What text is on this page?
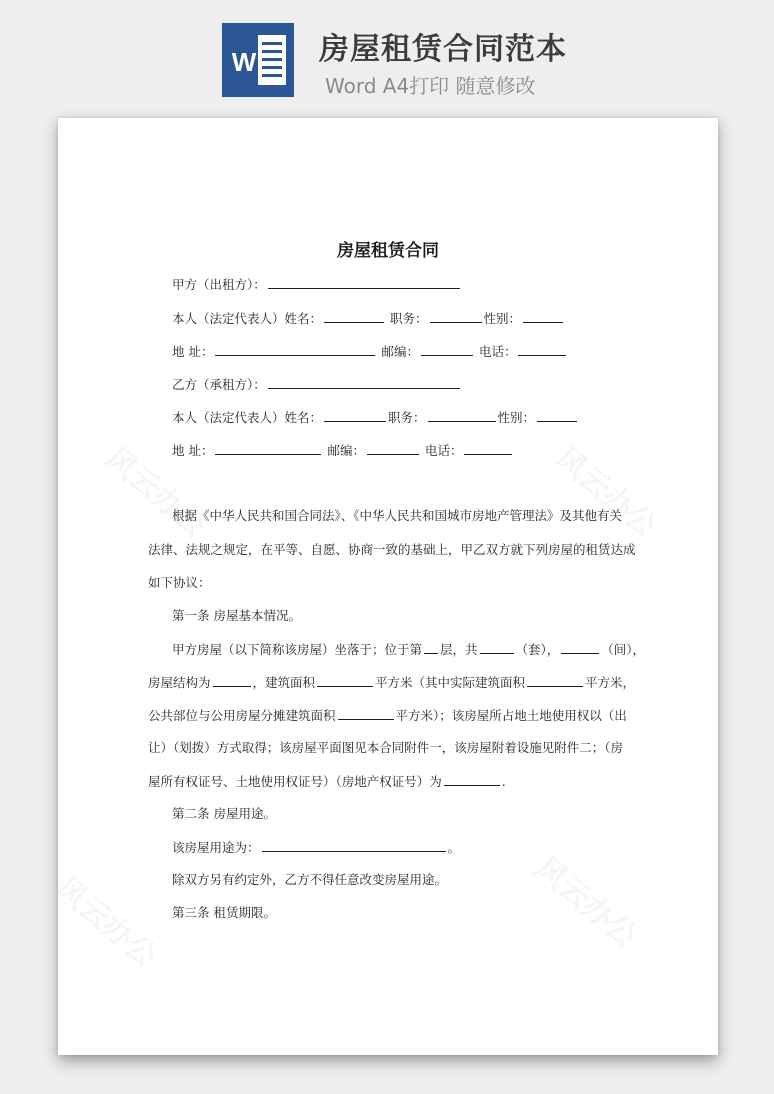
W 房屋租赁合同范本
Word A4打印 随意修改
房屋租赁合同
甲方（出租方）：
本人（法定代表人）姓名：	职务：	性别：
地 址：	邮编：	电话：
乙方（承租方）：
本人（法定代表人）姓名：	职务：	性别：
地 址：	邮编：	电话：
根据《中华人民共和国合同法》、《中华人民共和国城市房地产管理法》及其他有关
法律、法规之规定，在平等、自愿、协商一致的基础上，甲乙双方就下列房屋的租赁达成
如下协议：
第一条 房屋基本情况。
甲方房屋（以下简称该房屋）坐落于；位于第 层，共	（套），	（间），
房屋结构为	，建筑面积	平方米（其中实际建筑面积	平方米，
公共部位与公用房屋分摊建筑面积	平方米）；该房屋所占地土地使用权以（出
让）（划拨）方式取得；该房屋平面图见本合同附件一，该房屋附着设施见附件二；（房
屋所有权证号、土地使用权证号）（房地产权证号）为	.
第二条 房屋用途。
该房屋用途为：	。
除双方另有约定外，乙方不得任意改变房屋用途。
第三条 租赁期限。
